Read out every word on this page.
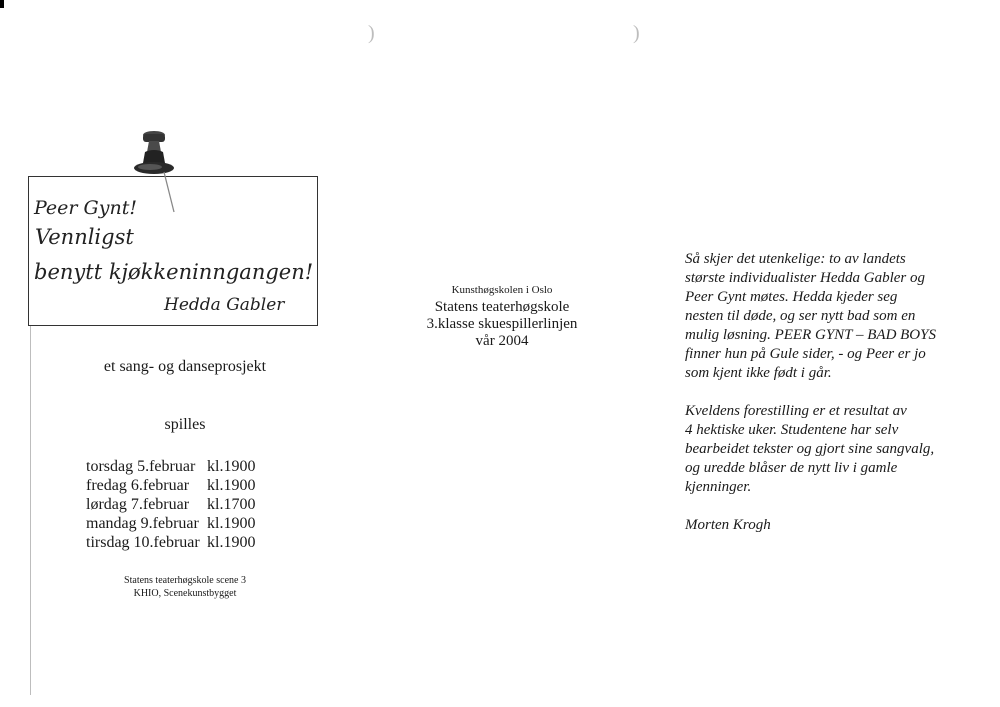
)	)
Peer Gynt!
Vennligst
benytt kjøkkeninngangen!
Hedda Gabler
et sang- og danseprosjekt
spilles
torsdag 5.februar kl.1900
fredag 6.februar	kl.1900
lørdag 7.februar	kl.1700
mandag 9.februar kl.1900
tirsdag 10.februar kl.1900
Statens teaterhøgskole scene 3
KHIO, Scenekunstbygget
Kunsthøgskolen i Oslo
Statens teaterhøgskole
3.klasse skuespillerlinjen
vår 2004
Så skjer det utenkelige: to av landets
største individualister Hedda Gabler og
Peer Gynt møtes. Hedda kjeder seg
nesten til døde, og ser nytt bad som en
mulig løsning. PEER GYNT – BAD BOYS
finner hun på Gule sider, - og Peer er jo
som kjent ikke født i går.
Kveldens forestilling er et resultat av
4 hektiske uker. Studentene har selv
bearbeidet tekster og gjort sine sangvalg,
og uredde blåser de nytt liv i gamle
kjenninger.
Morten Krogh
